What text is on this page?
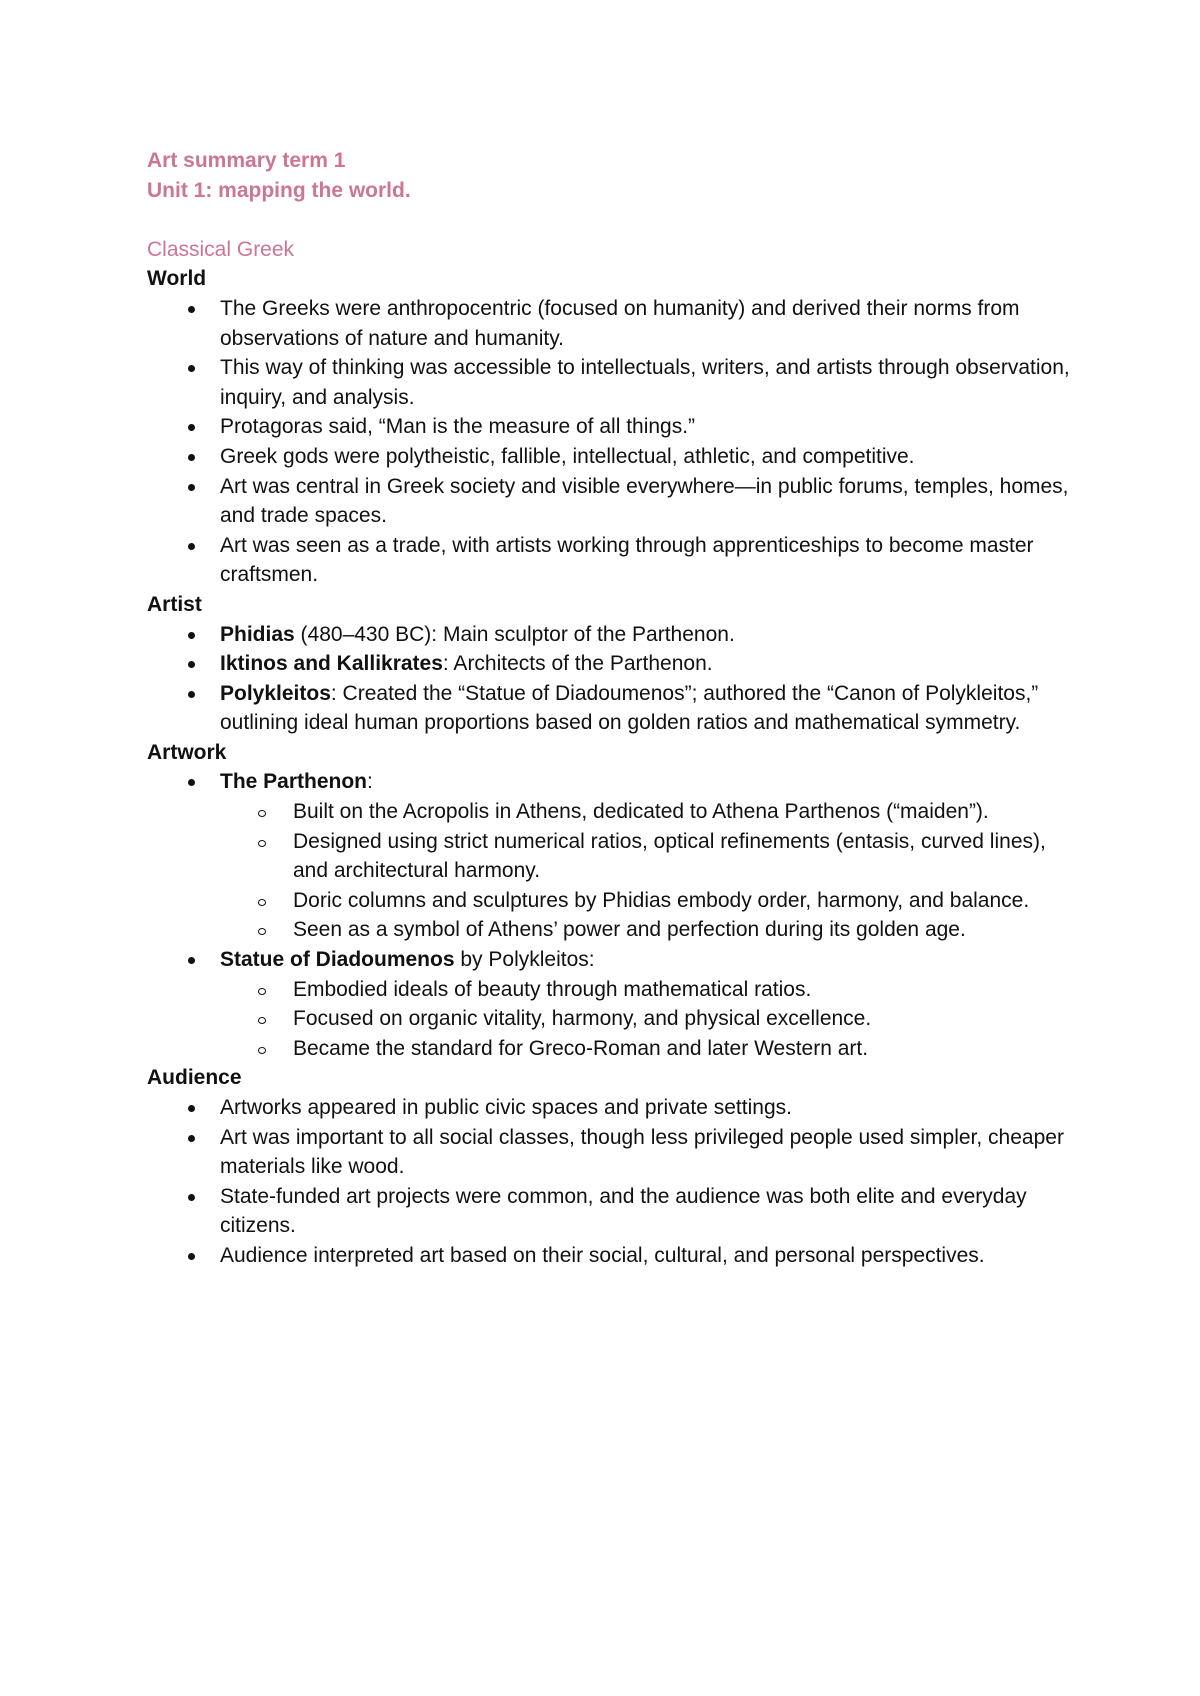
Art summary term 1
Unit 1: mapping the world.
Classical Greek
World
The Greeks were anthropocentric (focused on humanity) and derived their norms from observations of nature and humanity.
This way of thinking was accessible to intellectuals, writers, and artists through observation, inquiry, and analysis.
Protagoras said, “Man is the measure of all things.”
Greek gods were polytheistic, fallible, intellectual, athletic, and competitive.
Art was central in Greek society and visible everywhere—in public forums, temples, homes, and trade spaces.
Art was seen as a trade, with artists working through apprenticeships to become master craftsmen.
Artist
Phidias (480–430 BC): Main sculptor of the Parthenon.
Iktinos and Kallikrates: Architects of the Parthenon.
Polykleitos: Created the “Statue of Diadoumenos”; authored the “Canon of Polykleitos,” outlining ideal human proportions based on golden ratios and mathematical symmetry.
Artwork
The Parthenon:
Built on the Acropolis in Athens, dedicated to Athena Parthenos (“maiden”).
Designed using strict numerical ratios, optical refinements (entasis, curved lines), and architectural harmony.
Doric columns and sculptures by Phidias embody order, harmony, and balance.
Seen as a symbol of Athens’ power and perfection during its golden age.
Statue of Diadoumenos by Polykleitos:
Embodied ideals of beauty through mathematical ratios.
Focused on organic vitality, harmony, and physical excellence.
Became the standard for Greco-Roman and later Western art.
Audience
Artworks appeared in public civic spaces and private settings.
Art was important to all social classes, though less privileged people used simpler, cheaper materials like wood.
State-funded art projects were common, and the audience was both elite and everyday citizens.
Audience interpreted art based on their social, cultural, and personal perspectives.
